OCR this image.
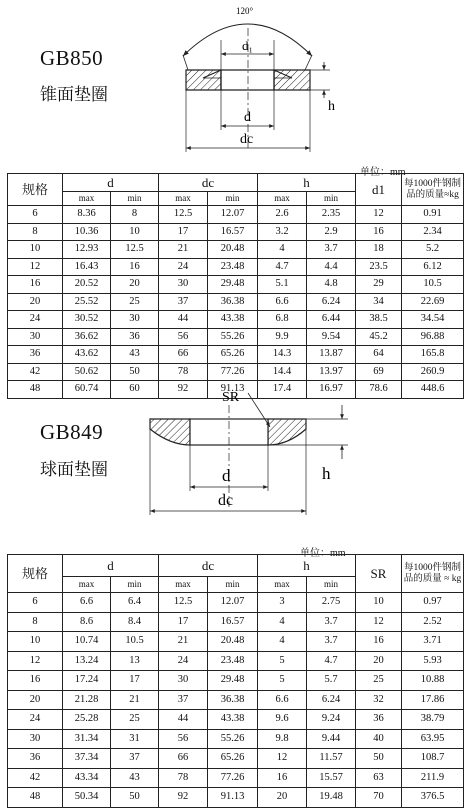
GB850
锥面垫圈
120°
d₁
d
dc
h
单位：mm
规格	d		dc		h		d1	每1000件钢制品的质量≈kg
	max	min	max	min	max	min		
6	8.36	8	12.5	12.07	2.6	2.35	12	0.91
8	10.36	10	17	16.57	3.2	2.9	16	2.34
10	12.93	12.5	21	20.48	4	3.7	18	5.2
12	16.43	16	24	23.48	4.7	4.4	23.5	6.12
16	20.52	20	30	29.48	5.1	4.8	29	10.5
20	25.52	25	37	36.38	6.6	6.24	34	22.69
24	30.52	30	44	43.38	6.8	6.44	38.5	34.54
30	36.62	36	56	55.26	9.9	9.54	45.2	96.88
36	43.62	43	66	65.26	14.3	13.87	64	165.8
42	50.62	50	78	77.26	14.4	13.97	69	260.9
48	60.74	60	92	91.13	17.4	16.97	78.6	448.6
GB849
球面垫圈
SR
d
dc
h
单位：mm
规格	d		dc		h		SR	每1000件钢制品的质量 ≈ kg
	max	min	max	min	max	min		
6	6.6	6.4	12.5	12.07	3	2.75	10	0.97
8	8.6	8.4	17	16.57	4	3.7	12	2.52
10	10.74	10.5	21	20.48	4	3.7	16	3.71
12	13.24	13	24	23.48	5	4.7	20	5.93
16	17.24	17	30	29.48	5	5.7	25	10.88
20	21.28	21	37	36.38	6.6	6.24	32	17.86
24	25.28	25	44	43.38	9.6	9.24	36	38.79
30	31.34	31	56	55.26	9.8	9.44	40	63.95
36	37.34	37	66	65.26	12	11.57	50	108.7
42	43.34	43	78	77.26	16	15.57	63	211.9
48	50.34	50	92	91.13	20	19.48	70	376.5
